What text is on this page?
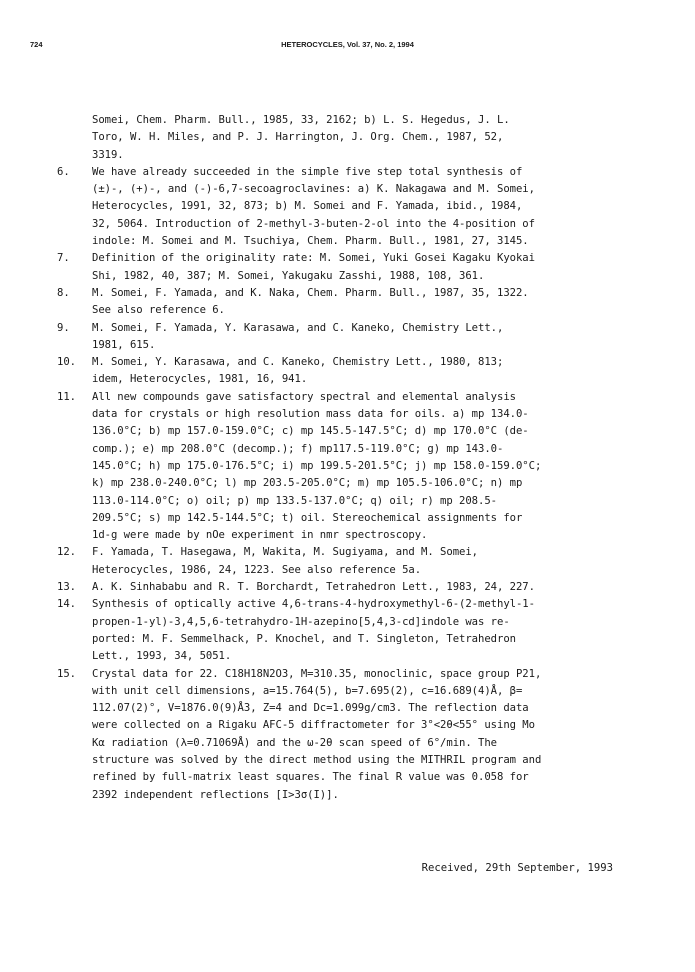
724	HETEROCYCLES, Vol. 37, No. 2, 1994
Somei, Chem. Pharm. Bull., 1985, 33, 2162; b) L. S. Hegedus, J. L.
Toro, W. H. Miles, and P. J. Harrington, J. Org. Chem., 1987, 52,
3319.
6. We have already succeeded in the simple five step total synthesis of
(±)-, (+)-, and (-)-6,7-secoagroclavines: a) K. Nakagawa and M. Somei,
Heterocycles, 1991, 32, 873; b) M. Somei and F. Yamada, ibid., 1984,
32, 5064. Introduction of 2-methyl-3-buten-2-ol into the 4-position of
indole: M. Somei and M. Tsuchiya, Chem. Pharm. Bull., 1981, 27, 3145.
7. Definition of the originality rate: M. Somei, Yuki Gosei Kagaku Kyokai
Shi, 1982, 40, 387; M. Somei, Yakugaku Zasshi, 1988, 108, 361.
8. M. Somei, F. Yamada, and K. Naka, Chem. Pharm. Bull., 1987, 35, 1322.
See also reference 6.
9. M. Somei, F. Yamada, Y. Karasawa, and C. Kaneko, Chemistry Lett.,
1981, 615.
10. M. Somei, Y. Karasawa, and C. Kaneko, Chemistry Lett., 1980, 813;
idem, Heterocycles, 1981, 16, 941.
11. All new compounds gave satisfactory spectral and elemental analysis
data for crystals or high resolution mass data for oils. a) mp 134.0-
136.0°C; b) mp 157.0-159.0°C; c) mp 145.5-147.5°C; d) mp 170.0°C (de-
comp.); e) mp 208.0°C (decomp.); f) mp117.5-119.0°C; g) mp 143.0-
145.0°C; h) mp 175.0-176.5°C; i) mp 199.5-201.5°C; j) mp 158.0-159.0°C;
k) mp 238.0-240.0°C; l) mp 203.5-205.0°C; m) mp 105.5-106.0°C; n) mp
113.0-114.0°C; o) oil; p) mp 133.5-137.0°C; q) oil; r) mp 208.5-
209.5°C; s) mp 142.5-144.5°C; t) oil. Stereochemical assignments for
1d-g were made by nOe experiment in nmr spectroscopy.
12. F. Yamada, T. Hasegawa, M, Wakita, M. Sugiyama, and M. Somei,
Heterocycles, 1986, 24, 1223. See also reference 5a.
13. A. K. Sinhababu and R. T. Borchardt, Tetrahedron Lett., 1983, 24, 227.
14. Synthesis of optically active 4,6-trans-4-hydroxymethyl-6-(2-methyl-1-
propen-1-yl)-3,4,5,6-tetrahydro-1H-azepino[5,4,3-cd]indole was re-
ported: M. F. Semmelhack, P. Knochel, and T. Singleton, Tetrahedron
Lett., 1993, 34, 5051.
15. Crystal data for 22. C18H18N2O3, M=310.35, monoclinic, space group P21,
with unit cell dimensions, a=15.764(5), b=7.695(2), c=16.689(4)Å, β=
112.07(2)°, V=1876.0(9)Å3, Z=4 and Dc=1.099g/cm3. The reflection data
were collected on a Rigaku AFC-5 diffractometer for 3°<2θ<55° using Mo
Kα radiation (λ=0.71069Å) and the ω-2θ scan speed of 6°/min. The
structure was solved by the direct method using the MITHRIL program and
refined by full-matrix least squares. The final R value was 0.058 for
2392 independent reflections [I>3σ(I)].
Received, 29th September, 1993
